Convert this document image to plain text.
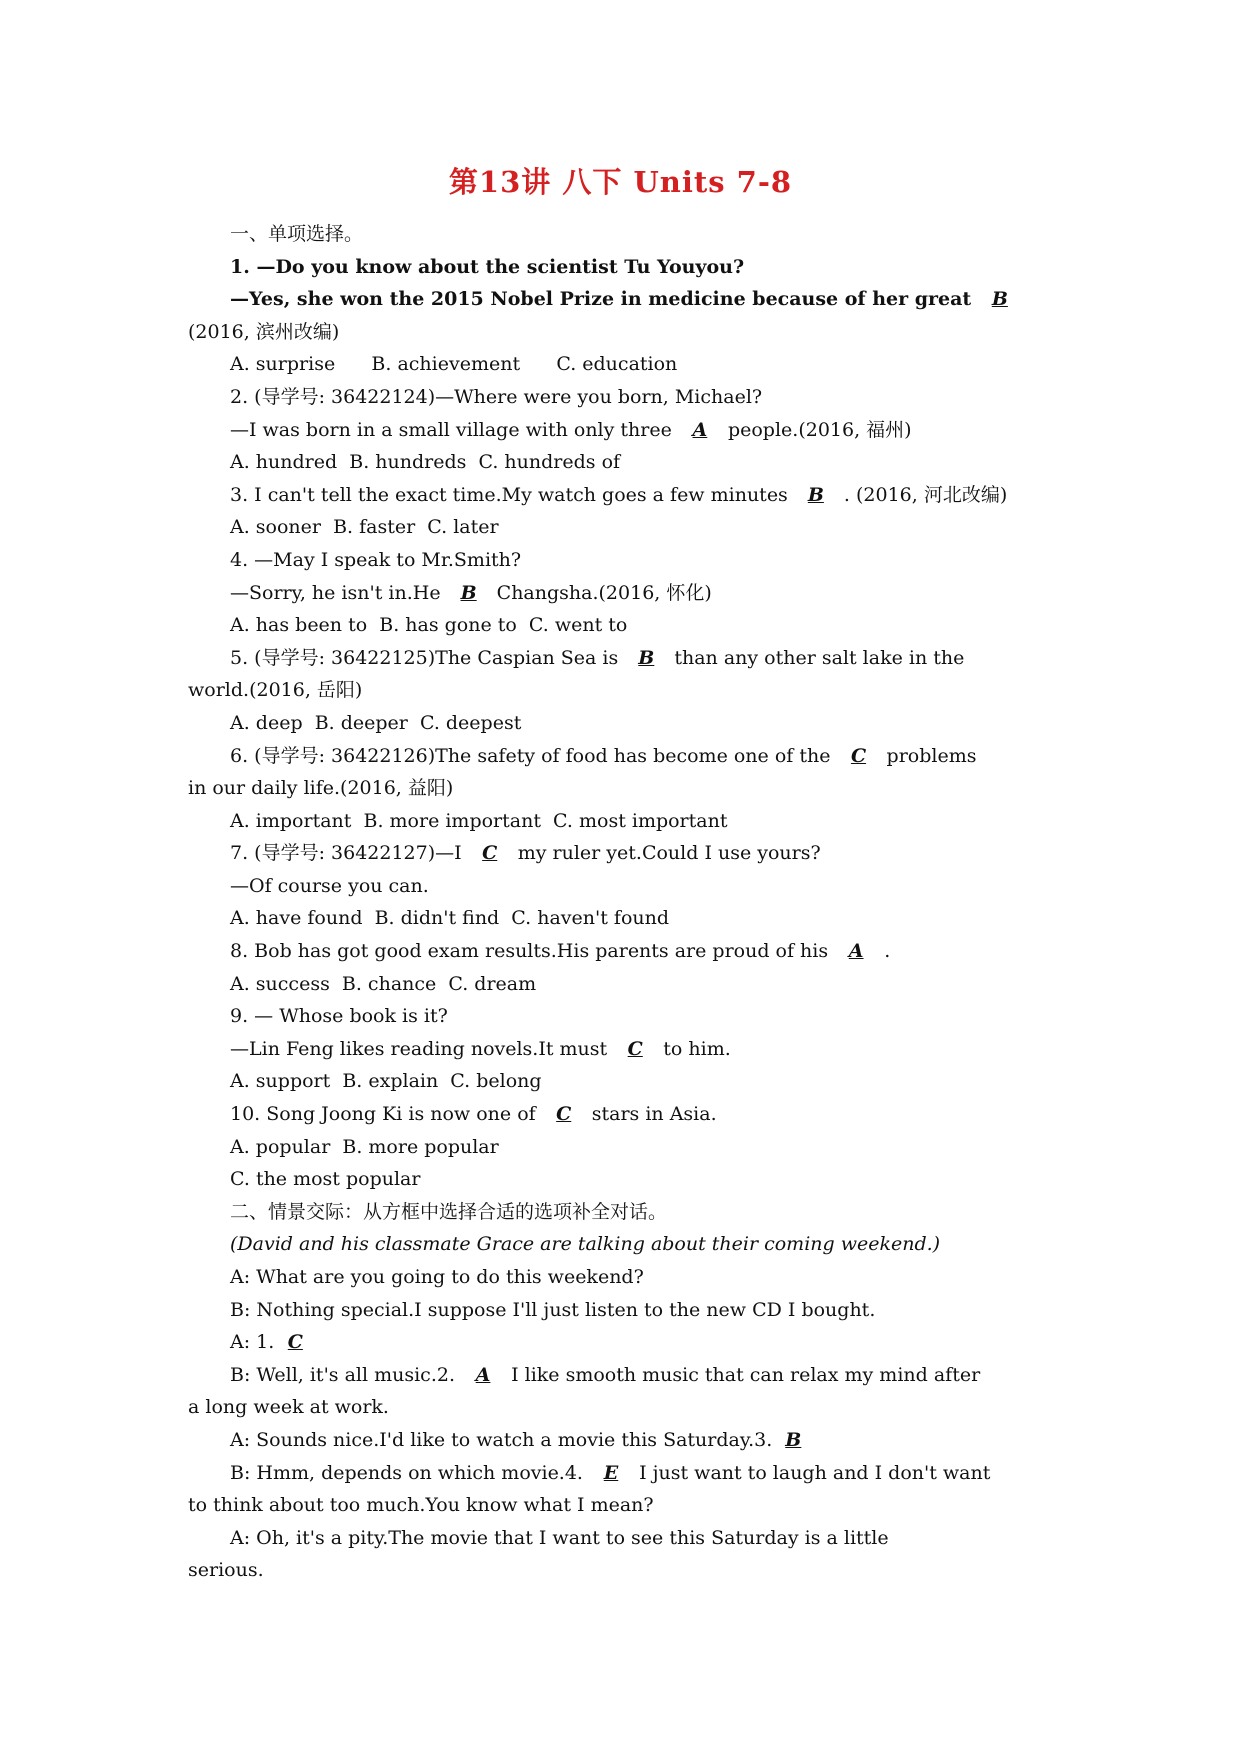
第13讲 八下 Units 7-8
一、单项选择。
1. —Do you know about the scientist Tu Youyou?
—Yes, she won the 2015 Nobel Prize in medicine because of her great B
(2016, 滨州改编)
A. surprise      B. achievement      C. education
2. (导学号: 36422124)—Where were you born, Michael?
—I was born in a small village with only three A people.(2016, 福州)
A. hundred  B. hundreds  C. hundreds of
3. I can't tell the exact time.My watch goes a few minutes B . (2016, 河北改编)
A. sooner  B. faster  C. later
4. —May I speak to Mr.Smith?
—Sorry, he isn't in.He B Changsha.(2016, 怀化)
A. has been to  B. has gone to  C. went to
5. (导学号: 36422125)The Caspian Sea is B than any other salt lake in the
world.(2016, 岳阳)
A. deep  B. deeper  C. deepest
6. (导学号: 36422126)The safety of food has become one of the C problems
in our daily life.(2016, 益阳)
A. important  B. more important  C. most important
7. (导学号: 36422127)—I C my ruler yet.Could I use yours?
—Of course you can.
A. have found  B. didn't find  C. haven't found
8. Bob has got good exam results.His parents are proud of his A .
A. success  B. chance  C. dream
9. — Whose book is it?
—Lin Feng likes reading novels.It must C to him.
A. support  B. explain  C. belong
10. Song Joong Ki is now one of C stars in Asia.
A. popular  B. more popular
C. the most popular
二、情景交际：从方框中选择合适的选项补全对话。
(David and his classmate Grace are talking about their coming weekend.)
A: What are you going to do this weekend?
B: Nothing special.I suppose I'll just listen to the new CD I bought.
A: 1. C
B: Well, it's all music.2. A I like smooth music that can relax my mind after
a long week at work.
A: Sounds nice.I'd like to watch a movie this Saturday.3. B
B: Hmm, depends on which movie.4. E I just want to laugh and I don't want
to think about too much.You know what I mean?
A: Oh, it's a pity.The movie that I want to see this Saturday is a little
serious.
